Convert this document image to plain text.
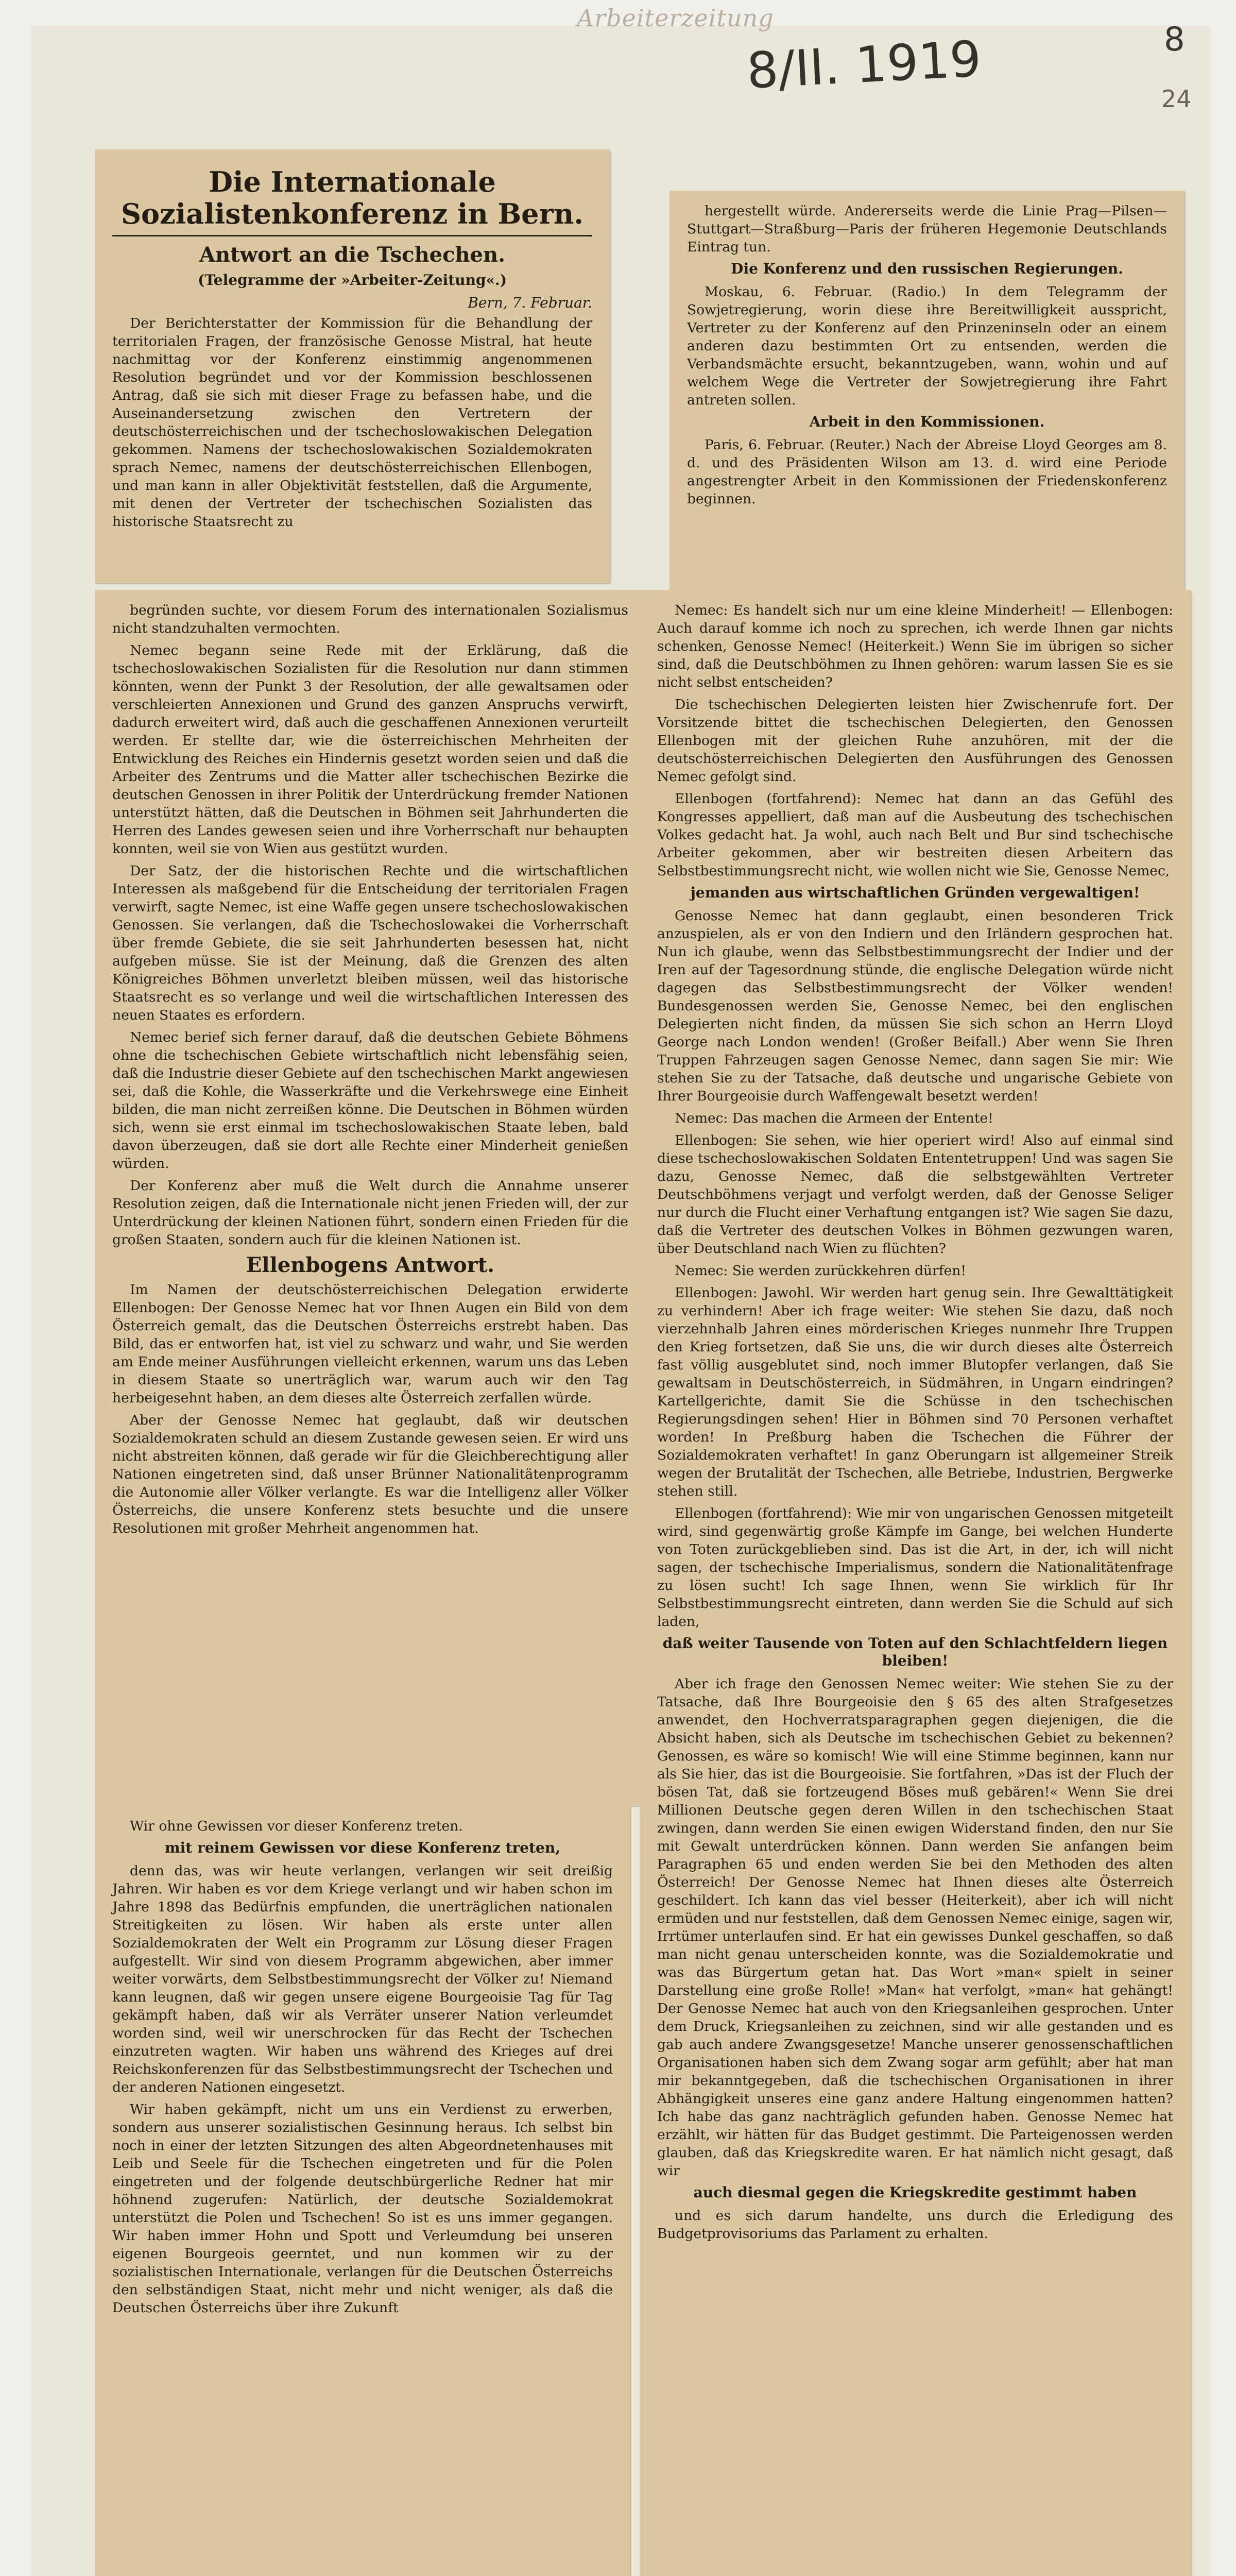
Arbeiterzeitung
8/II. 1919	8
24
Die Internationale Sozialistenkonferenz in Bern.
Antwort an die Tschechen.
(Telegramme der »Arbeiter-Zeitung«.)
Bern, 7. Februar.

Der Berichterstatter der Kommission für die Behandlung der territorialen Fragen, der französische Genosse Mistral, hat heute nachmittag vor der Konferenz einstimmig angenommenen Resolution begründet und vor der Kommission beschlossenen Antrag, daß sie sich mit dieser Frage zu befassen habe, und die Auseinandersetzung zwischen den Vertretern der deutschösterreichischen und der tschechoslowakischen Delegation gekommen. Namens der tschechoslowakischen Sozialdemokraten sprach Nemec, namens der deutschösterreichischen Ellenbogen, und man kann in aller Objektivität feststellen, daß die Argumente, mit denen der Vertreter der tschechischen Sozialisten das historische Staatsrecht zu

begründen suchte, vor diesem Forum des internationalen Sozialismus nicht standzuhalten vermochten.

Nemec begann seine Rede mit der Erklärung, daß die tschechoslowakischen Sozialisten für die Resolution nur dann stimmen könnten, wenn der Punkt 3 der Resolution, der alle gewaltsamen oder verschleierten Annexionen und Grund des ganzen Anspruchs verwirft, dadurch erweitert wird, daß auch die geschaffenen Annexionen verurteilt werden. Er stellte dar, wie die österreichischen Mehrheiten der Entwicklung des Reiches ein Hindernis gesetzt worden seien und daß die Arbeiter des Zentrums und die Matter aller tschechischen Bezirke die deutschen Genossen in ihrer Politik der Unterdrückung fremder Nationen unterstützt hätten, daß die Deutschen in Böhmen seit Jahrhunderten die Herren des Landes gewesen seien und ihre Vorherrschaft nur behaupten konnten, weil sie von Wien aus gestützt wurden.

Der Satz, der die historischen Rechte und die wirtschaftlichen Interessen als maßgebend für die Entscheidung der territorialen Fragen verwirft, sagte Nemec, ist eine Waffe gegen unsere tschechoslowakischen Genossen. Sie verlangen, daß die Tschechoslowakei die Vorherrschaft über fremde Gebiete, die sie seit Jahrhunderten besessen hat, nicht aufgeben müsse. Sie ist der Meinung, daß die Grenzen des alten Königreiches Böhmen unverletzt bleiben müssen, weil das historische Staatsrecht es so verlange und weil die wirtschaftlichen Interessen des neuen Staates es erfordern.

Nemec berief sich ferner darauf, daß die deutschen Gebiete Böhmens ohne die tschechischen Gebiete wirtschaftlich nicht lebensfähig seien, daß die Industrie dieser Gebiete auf den tschechischen Markt angewiesen sei, daß die Kohle, die Wasserkräfte und die Verkehrswege eine Einheit bilden, die man nicht zerreißen könne. Die Deutschen in Böhmen würden sich, wenn sie erst einmal im tschechoslowakischen Staate leben, bald davon überzeugen, daß sie dort alle Rechte einer Minderheit genießen würden.

Der Konferenz aber muß die Welt durch die Annahme unserer Resolution zeigen, daß die Internationale nicht jenen Frieden will, der zur Unterdrückung der kleinen Nationen führt, sondern einen Frieden für die großen Staaten, sondern auch für die kleinen Nationen ist.

Ellenbogens Antwort.

Im Namen der deutschösterreichischen Delegation erwiderte Ellenbogen: Der Genosse Nemec hat vor Ihnen Augen ein Bild von dem Österreich gemalt, das die Deutschen Österreichs erstrebt haben. Das Bild, das er entworfen hat, ist viel zu schwarz und wahr, und Sie werden am Ende meiner Ausführungen vielleicht erkennen, warum uns das Leben in diesem Staate so unerträglich war, warum auch wir den Tag herbeigesehnt haben, an dem dieses alte Österreich zerfallen würde.

Aber der Genosse Nemec hat geglaubt, daß wir deutschen Sozialdemokraten schuld an diesem Zustande gewesen seien. Er wird uns nicht abstreiten können, daß gerade wir für die Gleichberechtigung aller Nationen eingetreten sind, daß unser Brünner Nationalitätenprogramm die Autonomie aller Völker verlangte. Es war die Intelligenz aller Völker Österreichs, die unsere Konferenz stets besuchte und die unsere Resolutionen mit großer Mehrheit angenommen hat.

Wir ohne Gewissen vor dieser Konferenz treten.

mit reinem Gewissen vor diese Konferenz treten,

denn das, was wir heute verlangen, verlangen wir seit dreißig Jahren. Wir haben es vor dem Kriege verlangt und wir haben schon im Jahre 1898 das Bedürfnis empfunden, die unerträglichen nationalen Streitigkeiten zu lösen. Wir haben als erste unter allen Sozialdemokraten der Welt ein Programm zur Lösung dieser Fragen aufgestellt. Wir sind von diesem Programm abgewichen, aber immer weiter vorwärts, dem Selbstbestimmungsrecht der Völker zu! Niemand kann leugnen, daß wir gegen unsere eigene Bourgeoisie Tag für Tag gekämpft haben, daß wir als Verräter unserer Nation verleumdet worden sind, weil wir unerschrocken für das Recht der Tschechen einzutreten wagten. Wir haben uns während des Krieges auf drei Reichskonferenzen für das Selbstbestimmungsrecht der Tschechen und der anderen Nationen eingesetzt.

Wir haben gekämpft, nicht um uns ein Verdienst zu erwerben, sondern aus unserer sozialistischen Gesinnung heraus. Ich selbst bin noch in einer der letzten Sitzungen des alten Abgeordnetenhauses mit Leib und Seele für die Tschechen eingetreten und für die Polen eingetreten und der folgende deutschbürgerliche Redner hat mir höhnend zugerufen: Natürlich, der deutsche Sozialdemokrat unterstützt die Polen und Tschechen! So ist es uns immer gegangen. Wir haben immer Hohn und Spott und Verleumdung bei unseren eigenen Bourgeois geerntet, und nun kommen wir zu der sozialistischen Internationale, verlangen für die Deutschen Österreichs den selbständigen Staat, nicht mehr und nicht weniger, als daß die Deutschen Österreichs über ihre Zukunft

hergestellt würde. Andererseits werde die Linie Prag—Pilsen—Stuttgart—Straßburg—Paris der früheren Hegemonie Deutschlands Eintrag tun.

Die Konferenz und den russischen Regierungen.

Moskau, 6. Februar. (Radio.) In dem Telegramm der Sowjetregierung, worin diese ihre Bereitwilligkeit ausspricht, Vertreter zu der Konferenz auf den Prinzeninseln oder an einem anderen dazu bestimmten Ort zu entsenden, werden die Verbandsmächte ersucht, bekanntzugeben, wann, wohin und auf welchem Wege die Vertreter der Sowjetregierung ihre Fahrt antreten sollen.

Arbeit in den Kommissionen.

Paris, 6. Februar. (Reuter.) Nach der Abreise Lloyd Georges am 8. d. und des Präsidenten Wilson am 13. d. wird eine Periode angestrengter Arbeit in den Kommissionen der Friedenskonferenz beginnen.

Nemec: Es handelt sich nur um eine kleine Minderheit! — Ellenbogen: Auch darauf komme ich noch zu sprechen, ich werde Ihnen gar nichts schenken, Genosse Nemec! (Heiterkeit.) Wenn Sie im übrigen so sicher sind, daß die Deutschböhmen zu Ihnen gehören: warum lassen Sie es sie nicht selbst entscheiden?

Die tschechischen Delegierten leisten hier Zwischenrufe fort. Der Vorsitzende bittet die tschechischen Delegierten, den Genossen Ellenbogen mit der gleichen Ruhe anzuhören, mit der die deutschösterreichischen Delegierten den Ausführungen des Genossen Nemec gefolgt sind.

Ellenbogen (fortfahrend): Nemec hat dann an das Gefühl des Kongresses appelliert, daß man auf die Ausbeutung des tschechischen Volkes gedacht hat. Ja wohl, auch nach Belt und Bur sind tschechische Arbeiter gekommen, aber wir bestreiten diesen Arbeitern das Selbstbestimmungsrecht nicht, wie wollen nicht wie Sie, Genosse Nemec,

jemanden aus wirtschaftlichen Gründen vergewaltigen!

Genosse Nemec hat dann geglaubt, einen besonderen Trick anzuspielen, als er von den Indiern und den Irländern gesprochen hat. Nun ich glaube, wenn das Selbstbestimmungsrecht der Indier und der Iren auf der Tagesordnung stünde, die englische Delegation würde nicht dagegen das Selbstbestimmungsrecht der Völker wenden! Bundesgenossen werden Sie, Genosse Nemec, bei den englischen Delegierten nicht finden, da müssen Sie sich schon an Herrn Lloyd George nach London wenden! (Großer Beifall.) Aber wenn Sie Ihren Truppen Fahrzeugen sagen Genosse Nemec, dann sagen Sie mir: Wie stehen Sie zu der Tatsache, daß deutsche und ungarische Gebiete von Ihrer Bourgeoisie durch Waffengewalt besetzt werden!

Nemec: Das machen die Armeen der Entente!

Ellenbogen: Sie sehen, wie hier operiert wird! Also auf einmal sind diese tschechoslowakischen Soldaten Ententetruppen! Und was sagen Sie dazu, Genosse Nemec, daß die selbstgewählten Vertreter Deutschböhmens verjagt und verfolgt werden, daß der Genosse Seliger nur durch die Flucht einer Verhaftung entgangen ist? Wie sagen Sie dazu, daß die Vertreter des deutschen Volkes in Böhmen gezwungen waren, über Deutschland nach Wien zu flüchten?

Nemec: Sie werden zurückkehren dürfen!

Ellenbogen: Jawohl. Wir werden hart genug sein. Ihre Gewalttätigkeit zu verhindern! Aber ich frage weiter: Wie stehen Sie dazu, daß noch vierzehnhalb Jahren eines mörderischen Krieges nunmehr Ihre Truppen den Krieg fortsetzen, daß Sie uns, die wir durch dieses alte Österreich fast völlig ausgeblutet sind, noch immer Blutopfer verlangen, daß Sie gewaltsam in Deutschösterreich, in Südmähren, in Ungarn eindringen? Kartellgerichte, damit Sie die Schüsse in den tschechischen Regierungsdingen sehen! Hier in Böhmen sind 70 Personen verhaftet worden! In Preßburg haben die Tschechen die Führer der Sozialdemokraten verhaftet! In ganz Oberungarn ist allgemeiner Streik wegen der Brutalität der Tschechen, alle Betriebe, Industrien, Bergwerke stehen still.

Ellenbogen (fortfahrend): Wie mir von ungarischen Genossen mitgeteilt wird, sind gegenwärtig große Kämpfe im Gange, bei welchen Hunderte von Toten zurückgeblieben sind. Das ist die Art, in der, ich will nicht sagen, der tschechische Imperialismus, sondern die Nationalitätenfrage zu lösen sucht! Ich sage Ihnen, wenn Sie wirklich für Ihr Selbstbestimmungsrecht eintreten, dann werden Sie die Schuld auf sich laden,

daß weiter Tausende von Toten auf den Schlachtfeldern liegen bleiben!

Aber ich frage den Genossen Nemec weiter: Wie stehen Sie zu der Tatsache, daß Ihre Bourgeoisie den § 65 des alten Strafgesetzes anwendet, den Hochverratsparagraphen gegen diejenigen, die die Absicht haben, sich als Deutsche im tschechischen Gebiet zu bekennen? Genossen, es wäre so komisch! Wie will eine Stimme beginnen, kann nur als Sie hier, das ist die Bourgeoisie. Sie fortfahren, »Das ist der Fluch der bösen Tat, daß sie fortzeugend Böses muß gebären!« Wenn Sie drei Millionen Deutsche gegen deren Willen in den tschechischen Staat zwingen, dann werden Sie einen ewigen Widerstand finden, den nur Sie mit Gewalt unterdrücken können. Dann werden Sie anfangen beim Paragraphen 65 und enden werden Sie bei den Methoden des alten Österreich! Der Genosse Nemec hat Ihnen dieses alte Österreich geschildert. Ich kann das viel besser (Heiterkeit), aber ich will nicht ermüden und nur feststellen, daß dem Genossen Nemec einige, sagen wir, Irrtümer unterlaufen sind. Er hat ein gewisses Dunkel geschaffen, so daß man nicht genau unterscheiden konnte, was die Sozialdemokratie und was das Bürgertum getan hat. Das Wort »man« spielt in seiner Darstellung eine große Rolle! »Man« hat verfolgt, »man« hat gehängt! Der Genosse Nemec hat auch von den Kriegsanleihen gesprochen. Unter dem Druck, Kriegsanleihen zu zeichnen, sind wir alle gestanden und es gab auch andere Zwangsgesetze! Manche unserer genossenschaftlichen Organisationen haben sich dem Zwang sogar arm gefühlt; aber hat man mir bekanntgegeben, daß die tschechischen Organisationen in ihrer Abhängigkeit unseres eine ganz andere Haltung eingenommen hatten? Ich habe das ganz nachträglich gefunden haben. Genosse Nemec hat erzählt, wir hätten für das Budget gestimmt. Die Parteigenossen werden glauben, daß das Kriegskredite waren. Er hat nämlich nicht gesagt, daß wir

auch diesmal gegen die Kriegskredite gestimmt haben

und es sich darum handelte, uns durch die Erledigung des Budgetprovisoriums das Parlament zu erhalten.
